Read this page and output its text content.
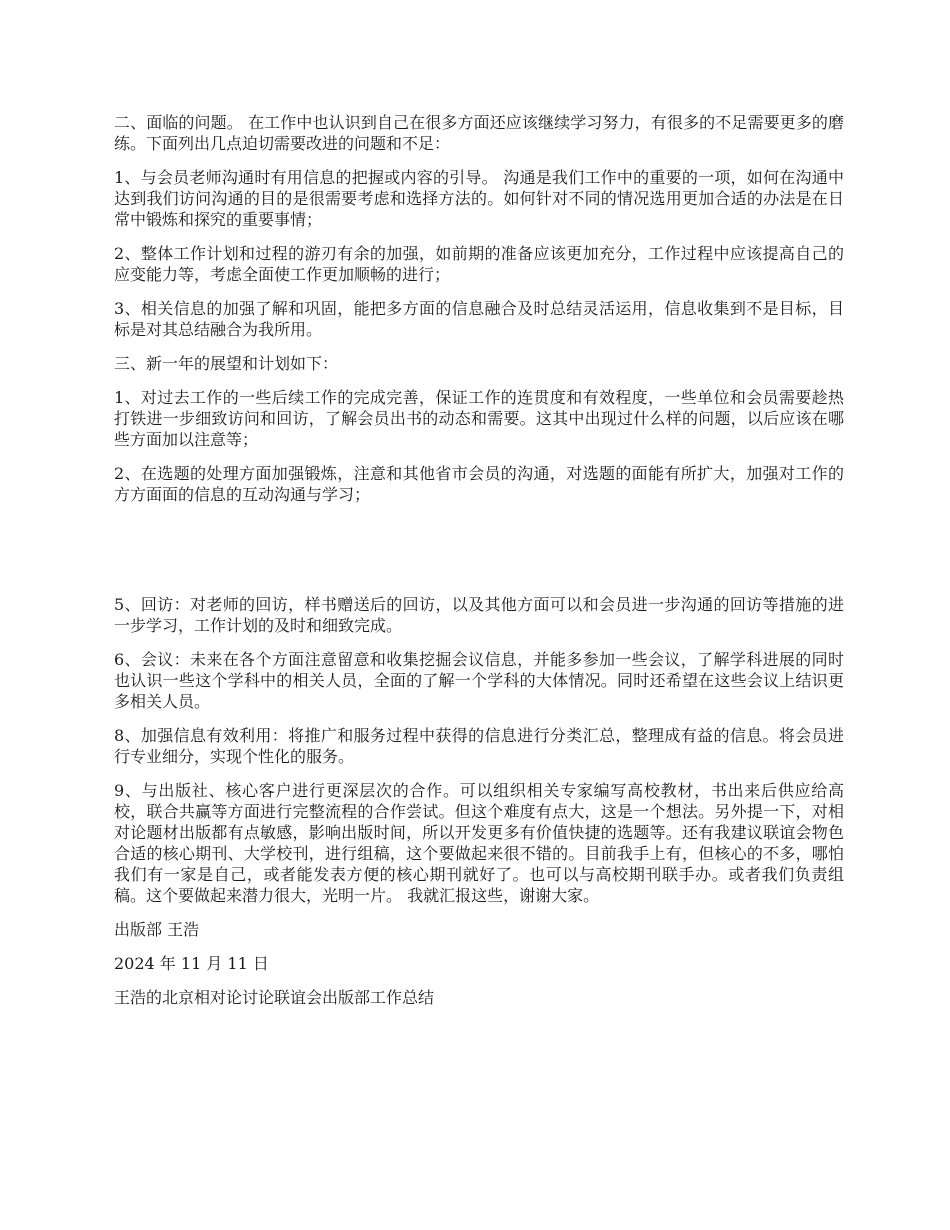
二、面临的问题。 在工作中也认识到自己在很多方面还应该继续学习努力，有很多的不足需要更多的磨练。下面列出几点迫切需要改进的问题和不足：

1、与会员老师沟通时有用信息的把握或内容的引导。 沟通是我们工作中的重要的一项，如何在沟通中达到我们访问沟通的目的是很需要考虑和选择方法的。如何针对不同的情况选用更加合适的办法是在日常中锻炼和探究的重要事情；

2、整体工作计划和过程的游刃有余的加强，如前期的准备应该更加充分，工作过程中应该提高自己的应变能力等，考虑全面使工作更加顺畅的进行；

3、相关信息的加强了解和巩固，能把多方面的信息融合及时总结灵活运用，信息收集到不是目标，目标是对其总结融合为我所用。

三、新一年的展望和计划如下：

1、对过去工作的一些后续工作的完成完善，保证工作的连贯度和有效程度，一些单位和会员需要趁热打铁进一步细致访问和回访，了解会员出书的动态和需要。这其中出现过什么样的问题，以后应该在哪些方面加以注意等；

2、在选题的处理方面加强锻炼，注意和其他省市会员的沟通，对选题的面能有所扩大，加强对工作的方方面面的信息的互动沟通与学习；

5、回访：对老师的回访，样书赠送后的回访，以及其他方面可以和会员进一步沟通的回访等措施的进一步学习，工作计划的及时和细致完成。

6、会议：未来在各个方面注意留意和收集挖掘会议信息，并能多参加一些会议，了解学科进展的同时也认识一些这个学科中的相关人员，全面的了解一个学科的大体情况。同时还希望在这些会议上结识更多相关人员。

8、加强信息有效利用：将推广和服务过程中获得的信息进行分类汇总，整理成有益的信息。将会员进行专业细分，实现个性化的服务。

9、与出版社、核心客户进行更深层次的合作。可以组织相关专家编写高校教材，书出来后供应给高校，联合共赢等方面进行完整流程的合作尝试。但这个难度有点大，这是一个想法。另外提一下，对相对论题材出版都有点敏感，影响出版时间，所以开发更多有价值快捷的选题等。还有我建议联谊会物色合适的核心期刊、大学校刊，进行组稿，这个要做起来很不错的。目前我手上有，但核心的不多，哪怕我们有一家是自己，或者能发表方便的核心期刊就好了。也可以与高校期刊联手办。或者我们负责组稿。这个要做起来潜力很大，光明一片。 我就汇报这些，谢谢大家。

出版部 王浩

2024 年 11 月 11 日

王浩的北京相对论讨论联谊会出版部工作总结
